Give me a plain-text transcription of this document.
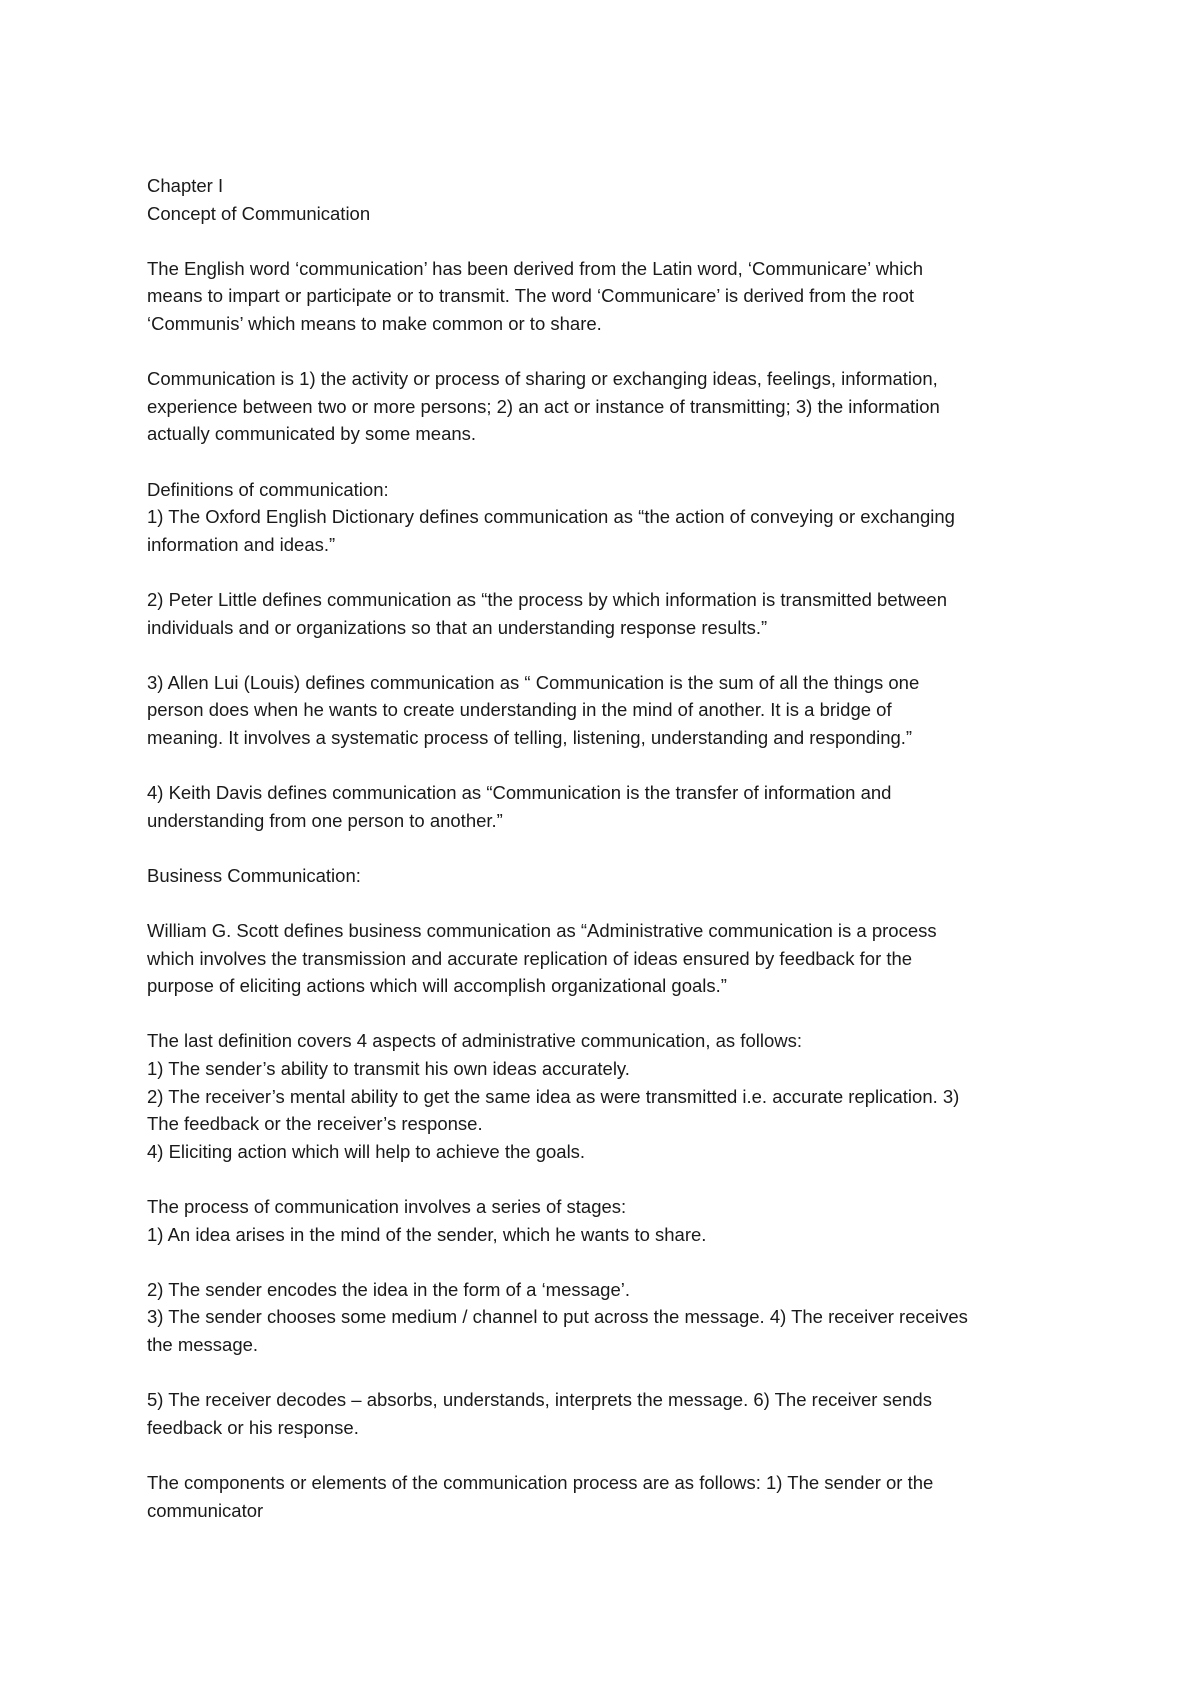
Chapter I
Concept of Communication
The English word ‘communication’ has been derived from the Latin word, ‘Communicare’ which
means to impart or participate or to transmit. The word ‘Communicare’ is derived from the root
‘Communis’ which means to make common or to share.
Communication is 1) the activity or process of sharing or exchanging ideas, feelings, information,
experience between two or more persons; 2) an act or instance of transmitting; 3) the information
actually communicated by some means.
Definitions of communication:
1) The Oxford English Dictionary defines communication as “the action of conveying or exchanging
information and ideas.”
2) Peter Little defines communication as “the process by which information is transmitted between
individuals and or organizations so that an understanding response results.”
3) Allen Lui (Louis) defines communication as “ Communication is the sum of all the things one
person does when he wants to create understanding in the mind of another. It is a bridge of
meaning. It involves a systematic process of telling, listening, understanding and responding.”
4) Keith Davis defines communication as “Communication is the transfer of information and
understanding from one person to another.”
Business Communication:
William G. Scott defines business communication as “Administrative communication is a process
which involves the transmission and accurate replication of ideas ensured by feedback for the
purpose of eliciting actions which will accomplish organizational goals.”
The last definition covers 4 aspects of administrative communication, as follows:
1) The sender’s ability to transmit his own ideas accurately.
2) The receiver’s mental ability to get the same idea as were transmitted i.e. accurate replication. 3)
The feedback or the receiver’s response.
4) Eliciting action which will help to achieve the goals.
The process of communication involves a series of stages:
1) An idea arises in the mind of the sender, which he wants to share.
2) The sender encodes the idea in the form of a ‘message’.
3) The sender chooses some medium / channel to put across the message. 4) The receiver receives
the message.
5) The receiver decodes – absorbs, understands, interprets the message. 6) The receiver sends
feedback or his response.
The components or elements of the communication process are as follows: 1) The sender or the
communicator
